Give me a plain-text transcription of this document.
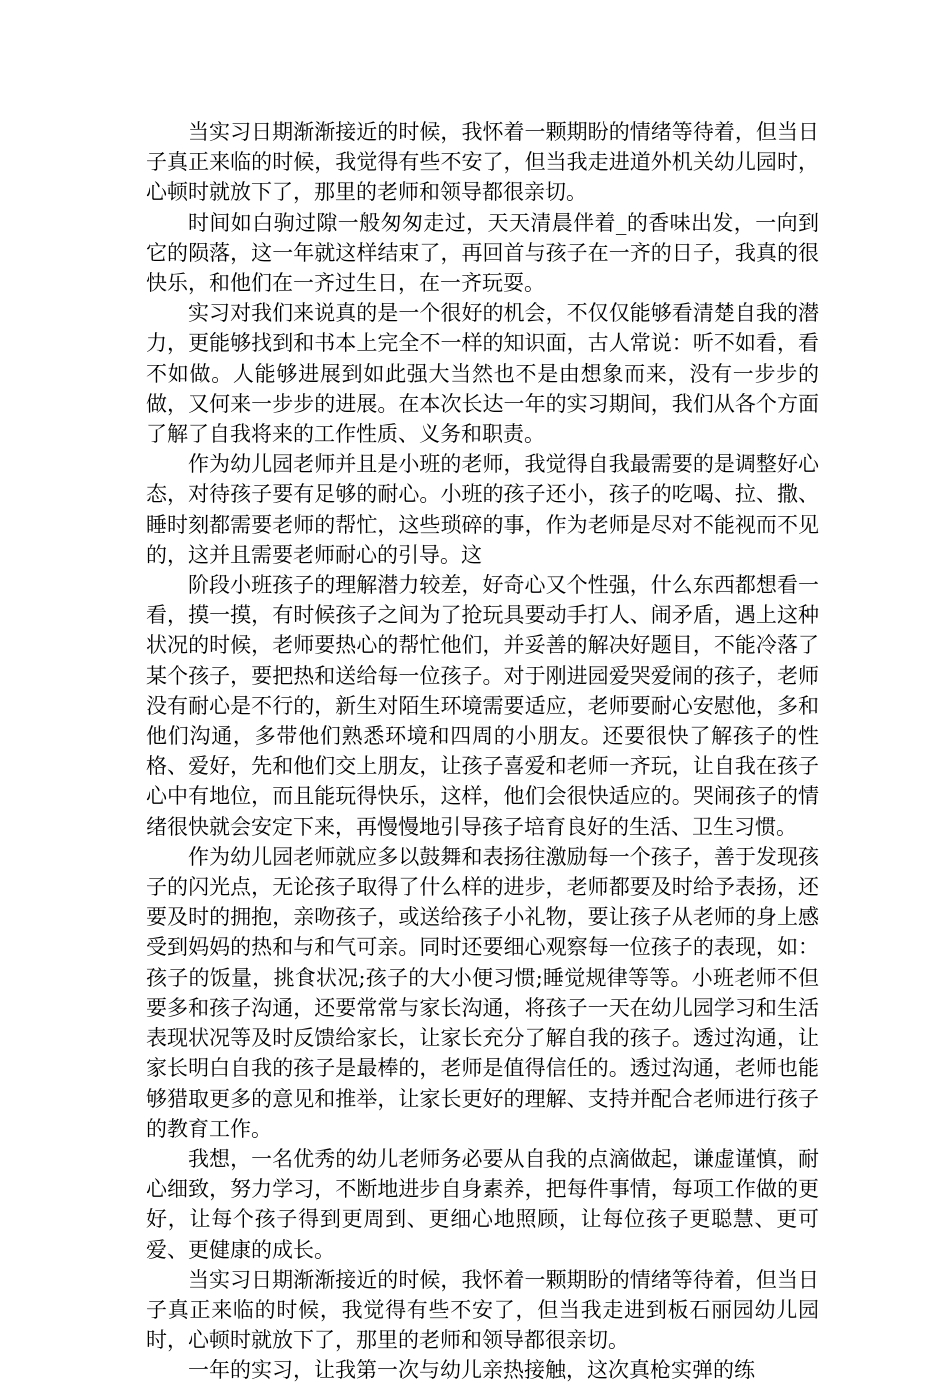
当实习日期渐渐接近的时候，我怀着一颗期盼的情绪等待着，但当日子真正来临的时候，我觉得有些不安了，但当我走进道外机关幼儿园时，心顿时就放下了，那里的老师和领导都很亲切。

时间如白驹过隙一般匆匆走过，天天清晨伴着_的香味出发，一向到它的陨落，这一年就这样结束了，再回首与孩子在一齐的日子，我真的很快乐，和他们在一齐过生日，在一齐玩耍。

实习对我们来说真的是一个很好的机会，不仅仅能够看清楚自我的潜力，更能够找到和书本上完全不一样的知识面，古人常说：听不如看，看不如做。人能够进展到如此强大当然也不是由想象而来，没有一步步的做，又何来一步步的进展。在本次长达一年的实习期间，我们从各个方面了解了自我将来的工作性质、义务和职责。

作为幼儿园老师并且是小班的老师，我觉得自我最需要的是调整好心态，对待孩子要有足够的耐心。小班的孩子还小，孩子的吃喝、拉、撒、睡时刻都需要老师的帮忙，这些琐碎的事，作为老师是尽对不能视而不见的，这并且需要老师耐心的引导。这

阶段小班孩子的理解潜力较差，好奇心又个性强，什么东西都想看一看，摸一摸，有时候孩子之间为了抢玩具要动手打人、闹矛盾，遇上这种状况的时候，老师要热心的帮忙他们，并妥善的解决好题目，不能冷落了某个孩子，要把热和送给每一位孩子。对于刚进园爱哭爱闹的孩子，老师没有耐心是不行的，新生对陌生环境需要适应，老师要耐心安慰他，多和他们沟通，多带他们熟悉环境和四周的小朋友。还要很快了解孩子的性格、爱好，先和他们交上朋友，让孩子喜爱和老师一齐玩，让自我在孩子心中有地位，而且能玩得快乐，这样，他们会很快适应的。哭闹孩子的情绪很快就会安定下来，再慢慢地引导孩子培育良好的生活、卫生习惯。

作为幼儿园老师就应多以鼓舞和表扬往激励每一个孩子，善于发现孩子的闪光点，无论孩子取得了什么样的进步，老师都要及时给予表扬，还要及时的拥抱，亲吻孩子，或送给孩子小礼物，要让孩子从老师的身上感受到妈妈的热和与和气可亲。同时还要细心观察每一位孩子的表现，如：孩子的饭量，挑食状况;孩子的大小便习惯;睡觉规律等等。小班老师不但要多和孩子沟通，还要常常与家长沟通，将孩子一天在幼儿园学习和生活表现状况等及时反馈给家长，让家长充分了解自我的孩子。透过沟通，让家长明白自我的孩子是最棒的，老师是值得信任的。透过沟通，老师也能够猎取更多的意见和推举，让家长更好的理解、支持并配合老师进行孩子的教育工作。

我想，一名优秀的幼儿老师务必要从自我的点滴做起，谦虚谨慎，耐心细致，努力学习，不断地进步自身素养，把每件事情，每项工作做的更好，让每个孩子得到更周到、更细心地照顾，让每位孩子更聪慧、更可爱、更健康的成长。

当实习日期渐渐接近的时候，我怀着一颗期盼的情绪等待着，但当日子真正来临的时候，我觉得有些不安了，但当我走进到板石丽园幼儿园时，心顿时就放下了，那里的老师和领导都很亲切。

一年的实习，让我第一次与幼儿亲热接触，这次真枪实弹的练
